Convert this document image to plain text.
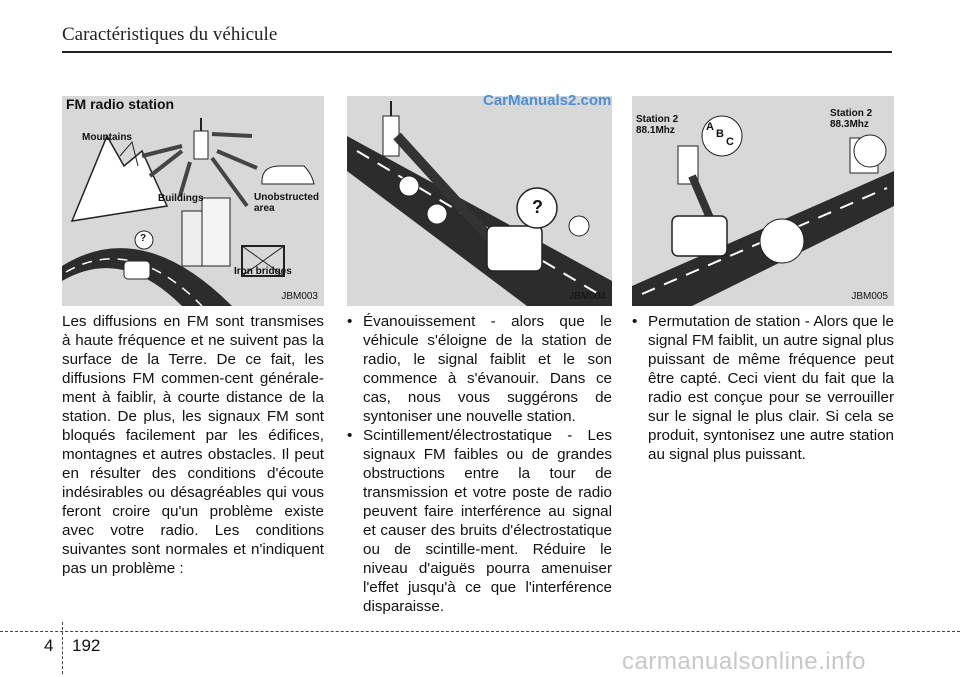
Caractéristiques du véhicule
FM radio station
Mountains
Buildings	Unobstructed area
Iron bridges
?
JBM003
?
JBM004
Station 2
88.1Mhz
Station 2
88.3Mhz
A
B
C
JBM005
CarManuals2.com

Les diffusions en FM sont transmises à haute fréquence et ne suivent pas la surface de la Terre. De ce fait, les diffusions FM commen-cent générale-ment à faiblir, à courte distance de la station. De plus, les signaux FM sont bloqués facilement par les édifices, montagnes et autres obstacles. Il peut en résulter des conditions d'écoute indésirables ou désagréables qui vous feront croire qu'un problème existe avec votre radio. Les conditions suivantes sont normales et n'indiquent pas un problème :

• Évanouissement - alors que le véhicule s'éloigne de la station de radio, le signal faiblit et le son commence à s'évanouir. Dans ce cas, nous vous suggérons de syntoniser une nouvelle station.

• Scintillement/électrostatique - Les signaux FM faibles ou de grandes obstructions entre la tour de transmission et votre poste de radio peuvent faire interférence au signal et causer des bruits d'électrostatique ou de scintille-ment. Réduire le niveau d'aiguës pourra amenuiser l'effet jusqu'à ce que l'interférence disparaisse.

• Permutation de station - Alors que le signal FM faiblit, un autre signal plus puissant de même fréquence peut être capté. Ceci vient du fait que la radio est conçue pour se verrouiller sur le signal le plus clair. Si cela se produit, syntonisez une autre station au signal plus puissant.

4 192
carmanualsonline.info
